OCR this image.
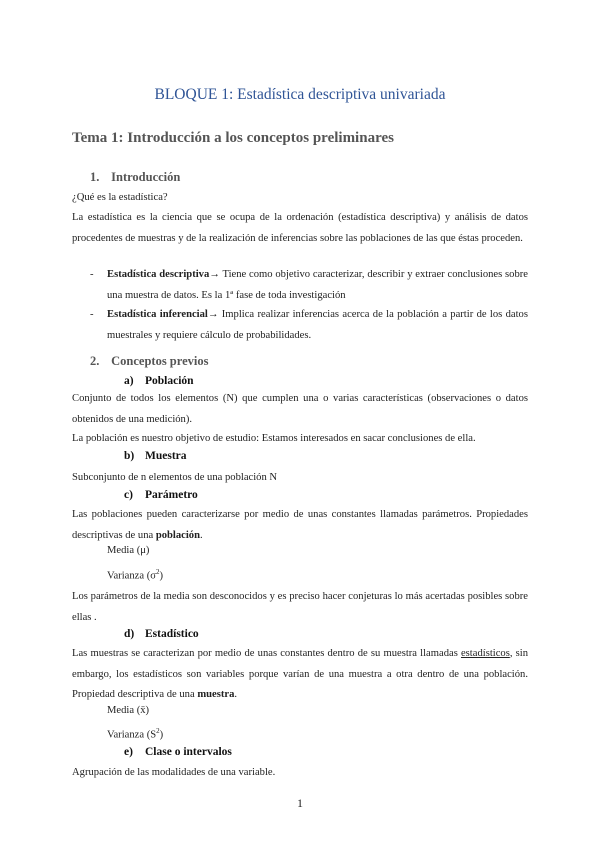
BLOQUE 1: Estadística descriptiva univariada
Tema 1: Introducción a los conceptos preliminares
1. Introducción
¿Qué es la estadística?
La estadística es la ciencia que se ocupa de la ordenación (estadística descriptiva) y análisis de datos procedentes de muestras y de la realización de inferencias sobre las poblaciones de las que éstas proceden.
- Estadística descriptiva→ Tiene como objetivo caracterizar, describir y extraer conclusiones sobre una muestra de datos. Es la 1ª fase de toda investigación
- Estadística inferencial→ Implica realizar inferencias acerca de la población a partir de los datos muestrales y requiere cálculo de probabilidades.
2. Conceptos previos
a) Población
Conjunto de todos los elementos (N) que cumplen una o varias características (observaciones o datos obtenidos de una medición).
La población es nuestro objetivo de estudio: Estamos interesados en sacar conclusiones de ella.
b) Muestra
Subconjunto de n elementos de una población N
c) Parámetro
Las poblaciones pueden caracterizarse por medio de unas constantes llamadas parámetros. Propiedades descriptivas de una población.
Media (μ)
Varianza $(\sigma^2)$
Los parámetros de la media son desconocidos y es preciso hacer conjeturas lo más acertadas posibles sobre ellas .
d) Estadístico
Las muestras se caracterizan por medio de unas constantes dentro de su muestra llamadas estadísticos, sin embargo, los estadísticos son variables porque varían de una muestra a otra dentro de una población. Propiedad descriptiva de una muestra.
Media (x̄)
Varianza $(S^2)$
e) Clase o intervalos
Agrupación de las modalidades de una variable.
1
